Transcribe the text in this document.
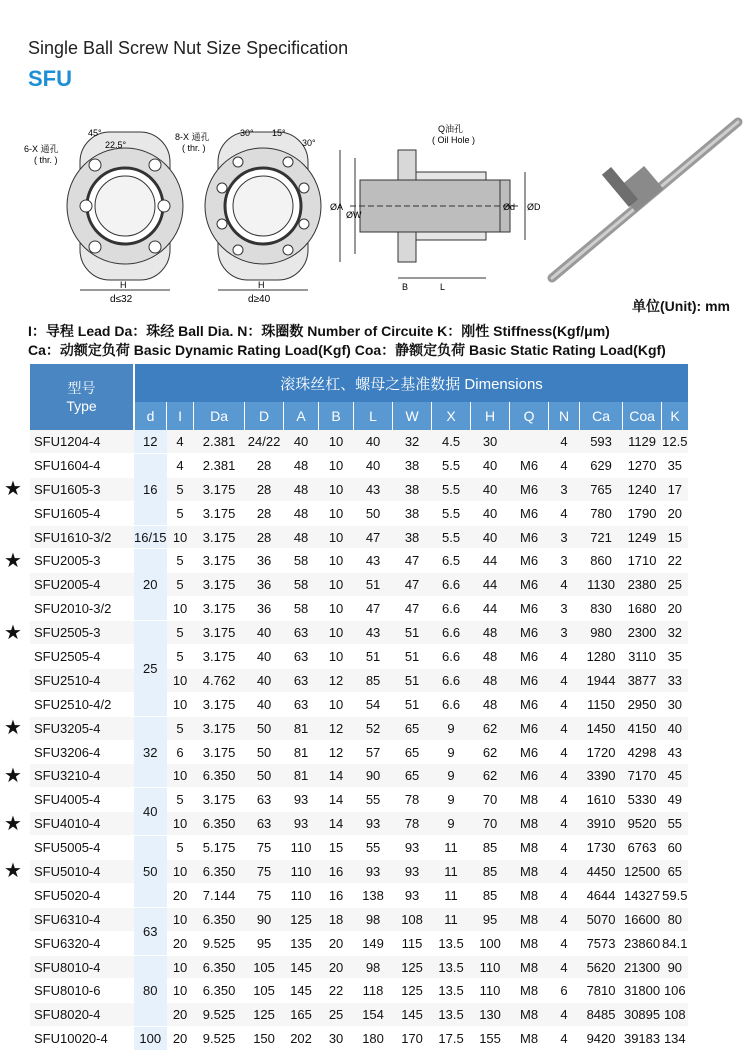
Single Ball Screw Nut Size Specification
SFU
6-X 通孔
( thr. )
45°
22.5°
H
d≤32
8-X 通孔
( thr. )
30° 15°
30°
H
d≥40
Q油孔
( Oil Hole )
ØA
ØW
Ød ØD
B	L
单位(Unit): mm
I：导程 Lead Da：珠经 Ball Dia. N：珠圈数 Number of Circuite K：刚性 Stiffness(Kgf/μm)
Ca：动额定负荷 Basic Dynamic Rating Load(Kgf) Coa：静额定负荷 Basic Static Rating Load(Kgf)
★
★
★
★
★
★
★
型号
Type	滚珠丝杠、螺母之基准数据 Dimensions														
	d	I	Da	D	A	B	L	W	X	H	Q	N	Ca	Coa	K
SFU1204-4	12	4	2.381	24/22	40	10	40	32	4.5	30		4	593	1129	12.5
SFU1604-4	16	4	2.381	28	48	10	40	38	5.5	40	M6	4	629	1270	35
SFU1605-3		5	3.175	28	48	10	43	38	5.5	40	M6	3	765	1240	17
SFU1605-4		5	3.175	28	48	10	50	38	5.5	40	M6	4	780	1790	20
SFU1610-3/2	16/15	10	3.175	28	48	10	47	38	5.5	40	M6	3	721	1249	15
SFU2005-3	20	5	3.175	36	58	10	43	47	6.5	44	M6	3	860	1710	22
SFU2005-4		5	3.175	36	58	10	51	47	6.6	44	M6	4	1130	2380	25
SFU2010-3/2		10	3.175	36	58	10	47	47	6.6	44	M6	3	830	1680	20
SFU2505-3	25	5	3.175	40	63	10	43	51	6.6	48	M6	3	980	2300	32
SFU2505-4		5	3.175	40	63	10	51	51	6.6	48	M6	4	1280	3110	35
SFU2510-4		10	4.762	40	63	12	85	51	6.6	48	M6	4	1944	3877	33
SFU2510-4/2		10	3.175	40	63	10	54	51	6.6	48	M6	4	1150	2950	30
SFU3205-4	32	5	3.175	50	81	12	52	65	9	62	M6	4	1450	4150	40
SFU3206-4		6	3.175	50	81	12	57	65	9	62	M6	4	1720	4298	43
SFU3210-4		10	6.350	50	81	14	90	65	9	62	M6	4	3390	7170	45
SFU4005-4	40	5	3.175	63	93	14	55	78	9	70	M8	4	1610	5330	49
SFU4010-4		10	6.350	63	93	14	93	78	9	70	M8	4	3910	9520	55
SFU5005-4	50	5	5.175	75	110	15	55	93	11	85	M8	4	1730	6763	60
SFU5010-4		10	6.350	75	110	16	93	93	11	85	M8	4	4450	12500	65
SFU5020-4		20	7.144	75	110	16	138	93	11	85	M8	4	4644	14327	59.5
SFU6310-4	63	10	6.350	90	125	18	98	108	11	95	M8	4	5070	16600	80
SFU6320-4		20	9.525	95	135	20	149	115	13.5	100	M8	4	7573	23860	84.1
SFU8010-4	80	10	6.350	105	145	20	98	125	13.5	110	M8	4	5620	21300	90
SFU8010-6		10	6.350	105	145	22	118	125	13.5	110	M8	6	7810	31800	106
SFU8020-4		20	9.525	125	165	25	154	145	13.5	130	M8	4	8485	30895	108
SFU10020-4	100	20	9.525	150	202	30	180	170	17.5	155	M8	4	9420	39183	134
